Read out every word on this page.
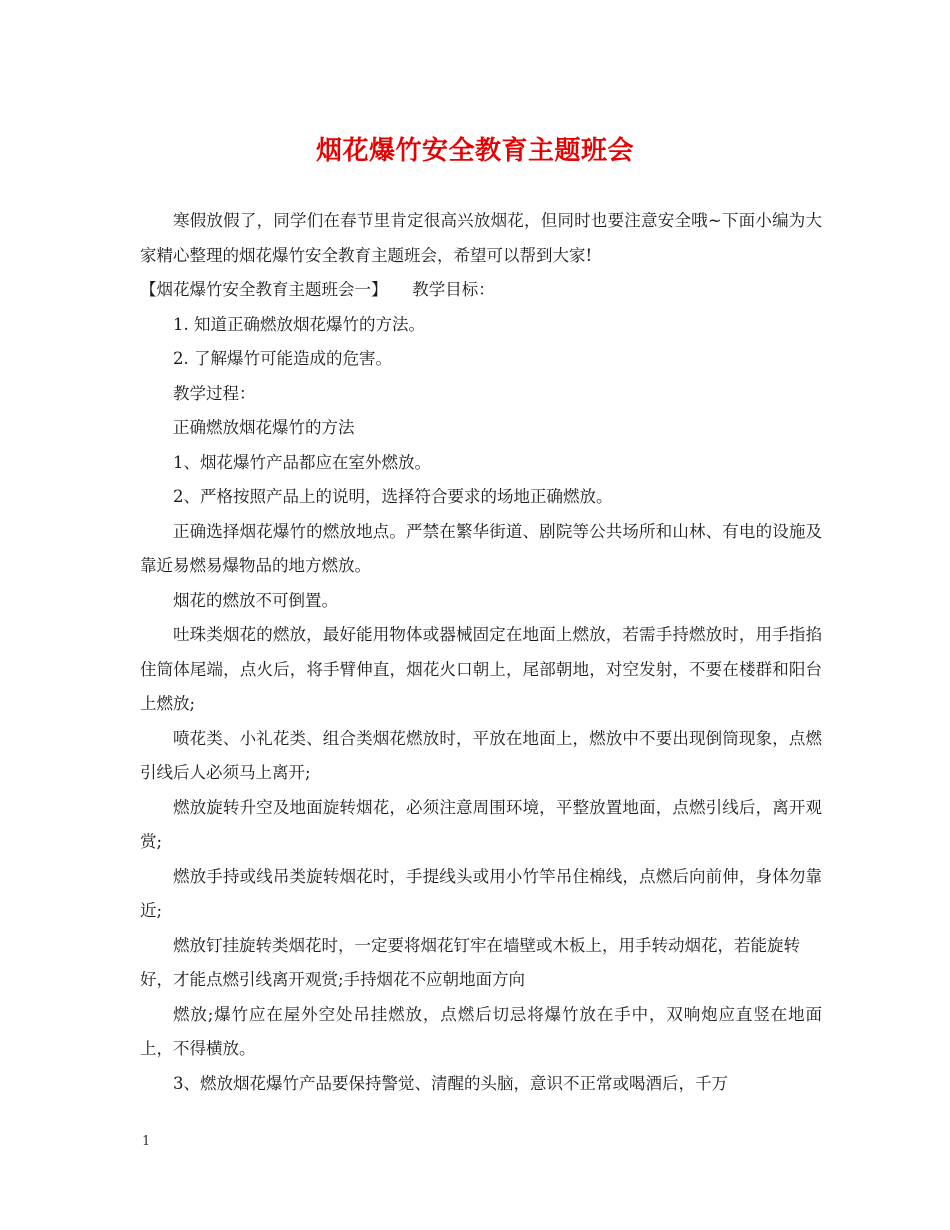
烟花爆竹安全教育主题班会

寒假放假了，同学们在春节里肯定很高兴放烟花，但同时也要注意安全哦~下面小编为大家精心整理的烟花爆竹安全教育主题班会，希望可以帮到大家!

【烟花爆竹安全教育主题班会一】　　教学目标：

1. 知道正确燃放烟花爆竹的方法。

2. 了解爆竹可能造成的危害。

教学过程：

正确燃放烟花爆竹的方法

1、烟花爆竹产品都应在室外燃放。

2、严格按照产品上的说明，选择符合要求的场地正确燃放。

正确选择烟花爆竹的燃放地点。严禁在繁华街道、剧院等公共场所和山林、有电的设施及靠近易燃易爆物品的地方燃放。

烟花的燃放不可倒置。

吐珠类烟花的燃放，最好能用物体或器械固定在地面上燃放，若需手持燃放时，用手指掐住筒体尾端，点火后，将手臂伸直，烟花火口朝上，尾部朝地，对空发射，不要在楼群和阳台上燃放;

喷花类、小礼花类、组合类烟花燃放时，平放在地面上，燃放中不要出现倒筒现象，点燃引线后人必须马上离开;

燃放旋转升空及地面旋转烟花，必须注意周围环境，平整放置地面，点燃引线后，离开观赏;

燃放手持或线吊类旋转烟花时，手提线头或用小竹竿吊住棉线，点燃后向前伸，身体勿靠近;

燃放钉挂旋转类烟花时，一定要将烟花钉牢在墙壁或木板上，用手转动烟花，若能旋转好，才能点燃引线离开观赏;手持烟花不应朝地面方向

燃放;爆竹应在屋外空处吊挂燃放，点燃后切忌将爆竹放在手中，双响炮应直竖在地面上，不得横放。

3、燃放烟花爆竹产品要保持警觉、清醒的头脑，意识不正常或喝酒后，千万

1
